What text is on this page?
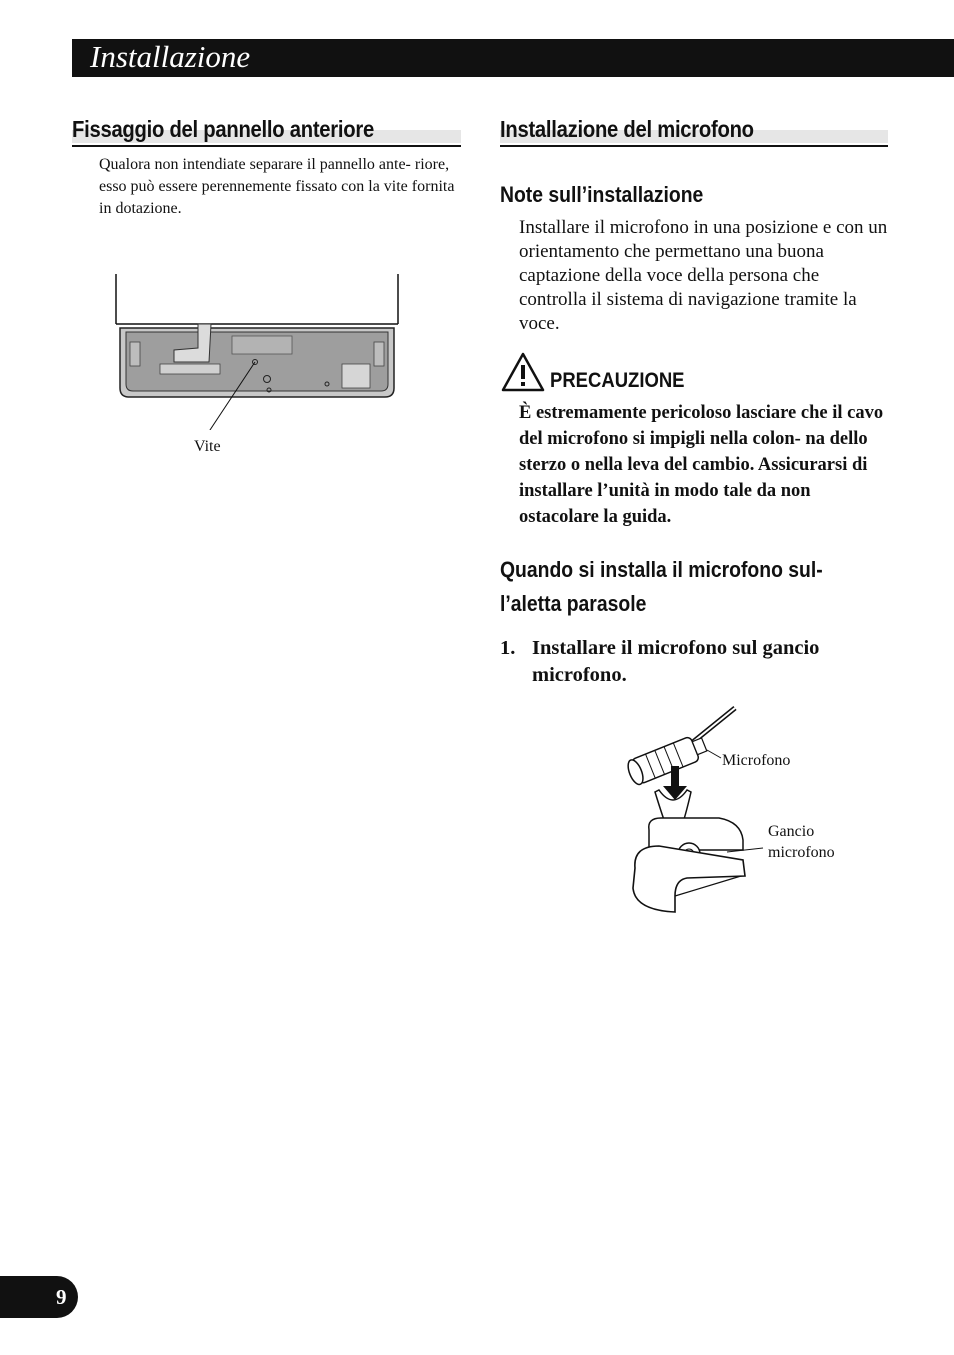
Installazione
Fissaggio del pannello anteriore

Qualora non intendiate separare il pannello ante- riore, esso può essere perennemente fissato con la vite fornita in dotazione.

Vite
Installazione del microfono
Note sull’installazione

Installare il microfono in una posizione e con un orientamento che permettano una buona captazione della voce della persona che controlla il sistema di navigazione tramite la voce.

PRECAUZIONE

È estremamente pericoloso lasciare che il cavo del microfono si impigli nella colon- na dello sterzo o nella leva del cambio. Assicurarsi di installare l’unità in modo tale da non ostacolare la guida.

Quando si installa il microfono sul- l’aletta parasole
1. Installare il microfono sul gancio microfono.
Microfono
Gancio microfono
9
